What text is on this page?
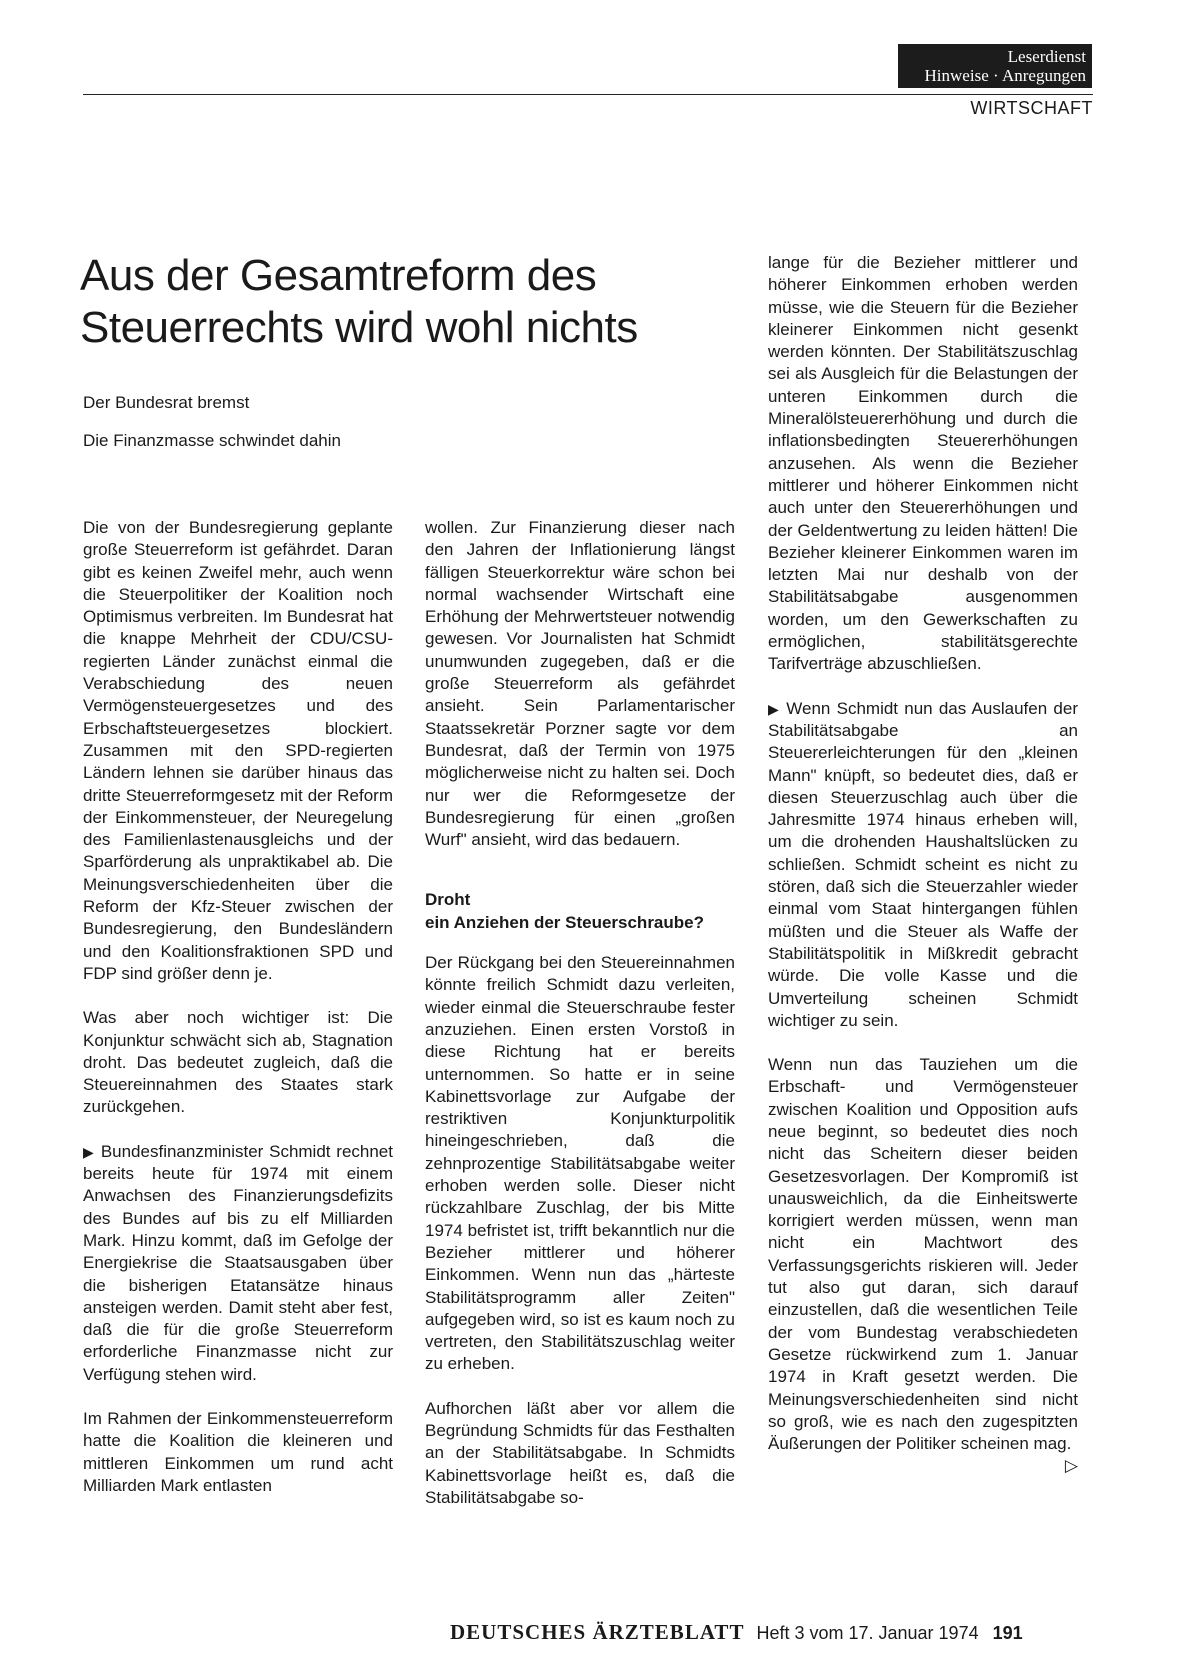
Leserdienst
Hinweise · Anregungen
WIRTSCHAFT
Aus der Gesamtreform des
Steuerrechts wird wohl nichts

Der Bundesrat bremst

Die Finanzmasse schwindet dahin

Die von der Bundesregierung geplante große Steuerreform ist gefährdet. Daran gibt es keinen Zweifel mehr, auch wenn die Steuerpolitiker der Koalition noch Optimismus verbreiten. Im Bundesrat hat die knappe Mehrheit der CDU/CSU-regierten Länder zunächst einmal die Verabschiedung des neuen Vermögensteuergesetzes und des Erbschaftsteuergesetzes blockiert. Zusammen mit den SPD-regierten Ländern lehnen sie darüber hinaus das dritte Steuerreformgesetz mit der Reform der Einkommensteuer, der Neuregelung des Familienlastenausgleichs und der Sparförderung als unpraktikabel ab. Die Meinungsverschiedenheiten über die Reform der Kfz-Steuer zwischen der Bundesregierung, den Bundesländern und den Koalitionsfraktionen SPD und FDP sind größer denn je.

Was aber noch wichtiger ist: Die Konjunktur schwächt sich ab, Stagnation droht. Das bedeutet zugleich, daß die Steuereinnahmen des Staates stark zurückgehen.

▶ Bundesfinanzminister Schmidt rechnet bereits heute für 1974 mit einem Anwachsen des Finanzierungsdefizits des Bundes auf bis zu elf Milliarden Mark. Hinzu kommt, daß im Gefolge der Energiekrise die Staatsausgaben über die bisherigen Etatansätze hinaus ansteigen werden. Damit steht aber fest, daß die für die große Steuerreform erforderliche Finanzmasse nicht zur Verfügung stehen wird.

Im Rahmen der Einkommensteuerreform hatte die Koalition die kleineren und mittleren Einkommen um rund acht Milliarden Mark entlasten

wollen. Zur Finanzierung dieser nach den Jahren der Inflationierung längst fälligen Steuerkorrektur wäre schon bei normal wachsender Wirtschaft eine Erhöhung der Mehrwertsteuer notwendig gewesen. Vor Journalisten hat Schmidt unumwunden zugegeben, daß er die große Steuerreform als gefährdet ansieht. Sein Parlamentarischer Staatssekretär Porzner sagte vor dem Bundesrat, daß der Termin von 1975 möglicherweise nicht zu halten sei. Doch nur wer die Reformgesetze der Bundesregierung für einen „großen Wurf" ansieht, wird das bedauern.

Droht
ein Anziehen der Steuerschraube?

Der Rückgang bei den Steuereinnahmen könnte freilich Schmidt dazu verleiten, wieder einmal die Steuerschraube fester anzuziehen. Einen ersten Vorstoß in diese Richtung hat er bereits unternommen. So hatte er in seine Kabinettsvorlage zur Aufgabe der restriktiven Konjunkturpolitik hineingeschrieben, daß die zehnprozentige Stabilitätsabgabe weiter erhoben werden solle. Dieser nicht rückzahlbare Zuschlag, der bis Mitte 1974 befristet ist, trifft bekanntlich nur die Bezieher mittlerer und höherer Einkommen. Wenn nun das „härteste Stabilitätsprogramm aller Zeiten" aufgegeben wird, so ist es kaum noch zu vertreten, den Stabilitätszuschlag weiter zu erheben.

Aufhorchen läßt aber vor allem die Begründung Schmidts für das Festhalten an der Stabilitätsabgabe. In Schmidts Kabinettsvorlage heißt es, daß die Stabilitätsabgabe so-

lange für die Bezieher mittlerer und höherer Einkommen erhoben werden müsse, wie die Steuern für die Bezieher kleinerer Einkommen nicht gesenkt werden könnten. Der Stabilitätszuschlag sei als Ausgleich für die Belastungen der unteren Einkommen durch die Mineralölsteuererhöhung und durch die inflationsbedingten Steuererhöhungen anzusehen. Als wenn die Bezieher mittlerer und höherer Einkommen nicht auch unter den Steuererhöhungen und der Geldentwertung zu leiden hätten! Die Bezieher kleinerer Einkommen waren im letzten Mai nur deshalb von der Stabilitätsabgabe ausgenommen worden, um den Gewerkschaften zu ermöglichen, stabilitätsgerechte Tarifverträge abzuschließen.

▶ Wenn Schmidt nun das Auslaufen der Stabilitätsabgabe an Steuererleichterungen für den „kleinen Mann" knüpft, so bedeutet dies, daß er diesen Steuerzuschlag auch über die Jahresmitte 1974 hinaus erheben will, um die drohenden Haushaltslücken zu schließen. Schmidt scheint es nicht zu stören, daß sich die Steuerzahler wieder einmal vom Staat hintergangen fühlen müßten und die Steuer als Waffe der Stabilitätspolitik in Mißkredit gebracht würde. Die volle Kasse und die Umverteilung scheinen Schmidt wichtiger zu sein.

Wenn nun das Tauziehen um die Erbschaft- und Vermögensteuer zwischen Koalition und Opposition aufs neue beginnt, so bedeutet dies noch nicht das Scheitern dieser beiden Gesetzesvorlagen. Der Kompromiß ist unausweichlich, da die Einheitswerte korrigiert werden müssen, wenn man nicht ein Machtwort des Verfassungsgerichts riskieren will. Jeder tut also gut daran, sich darauf einzustellen, daß die wesentlichen Teile der vom Bundestag verabschiedeten Gesetze rückwirkend zum 1. Januar 1974 in Kraft gesetzt werden. Die Meinungsverschiedenheiten sind nicht so groß, wie es nach den zugespitzten Äußerungen der Politiker scheinen mag.
▷

DEUTSCHES ÄRZTEBLATT Heft 3 vom 17. Januar 1974 191
